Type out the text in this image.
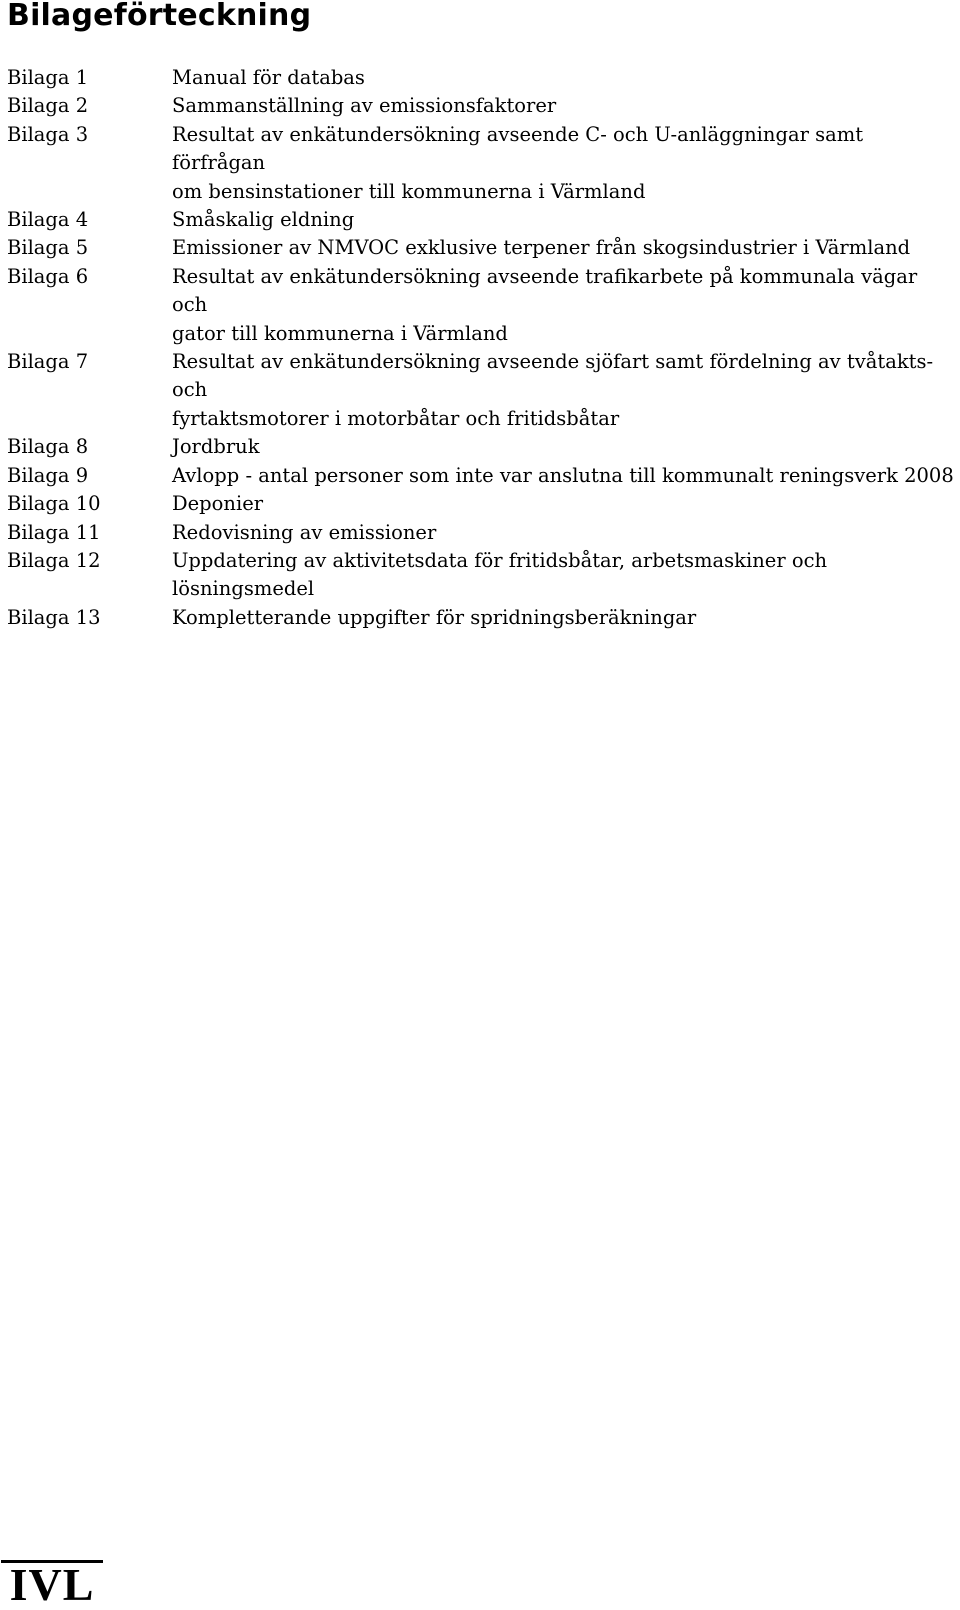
Bilageförteckning
Bilaga 1	Manual för databas
Bilaga 2	Sammanställning av emissionsfaktorer
Bilaga 3	Resultat av enkätundersökning avseende C- och U-anläggningar samt förfrågan
om bensinstationer till kommunerna i Värmland
Bilaga 4	Småskalig eldning
Bilaga 5	Emissioner av NMVOC exklusive terpener från skogsindustrier i Värmland
Bilaga 6	Resultat av enkätundersökning avseende trafikarbete på kommunala vägar och
gator till kommunerna i Värmland
Bilaga 7	Resultat av enkätundersökning avseende sjöfart samt fördelning av tvåtakts- och
fyrtaktsmotorer i motorbåtar och fritidsbåtar
Bilaga 8	Jordbruk
Bilaga 9	Avlopp - antal personer som inte var anslutna till kommunalt reningsverk 2008
Bilaga 10	Deponier
Bilaga 11	Redovisning av emissioner
Bilaga 12	Uppdatering av aktivitetsdata för fritidsbåtar, arbetsmaskiner och lösningsmedel
Bilaga 13	Kompletterande uppgifter för spridningsberäkningar
IVL
